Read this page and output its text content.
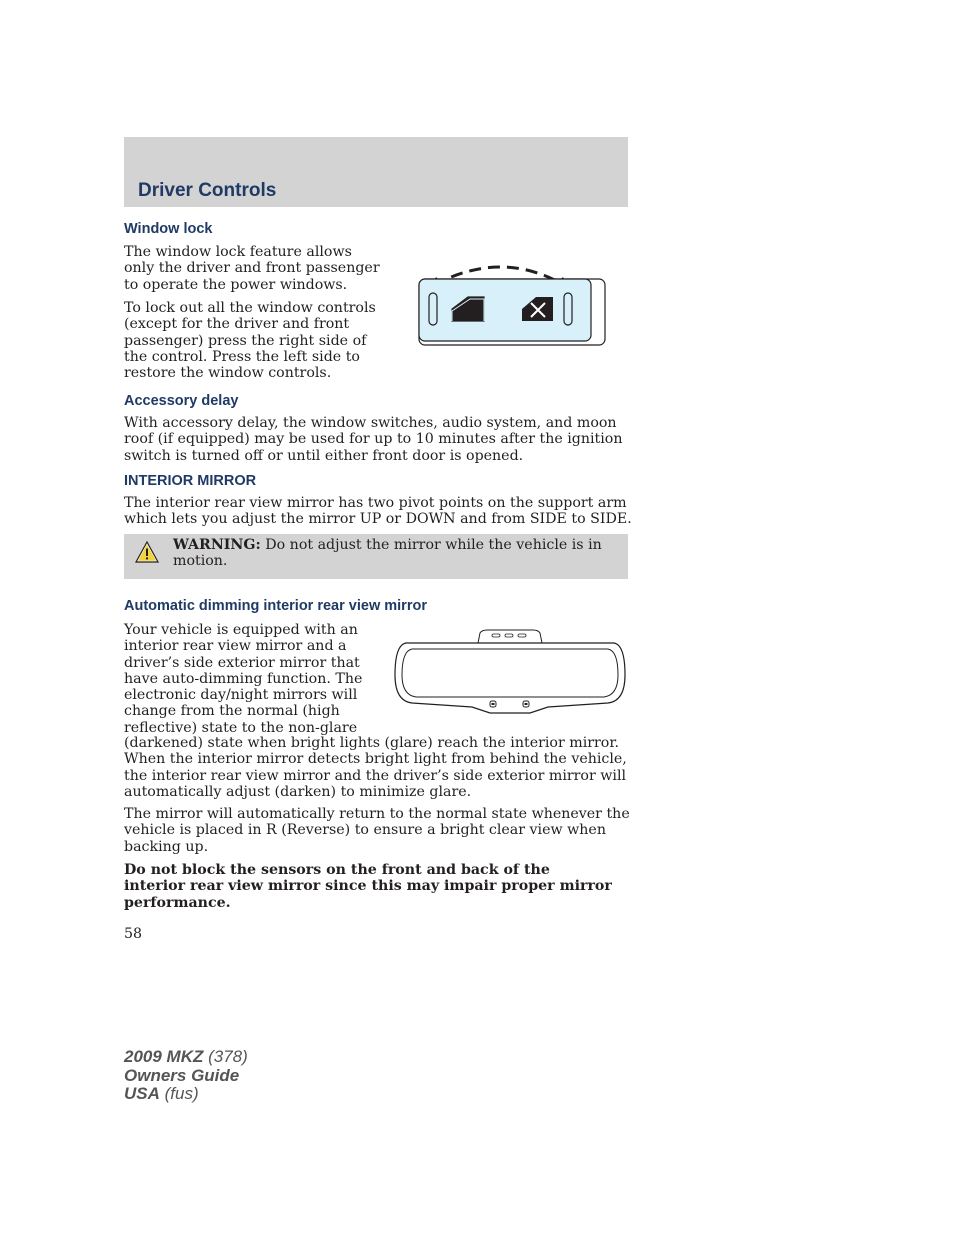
Driver Controls
Window lock

The window lock feature allows only the driver and front passenger to operate the power windows.

To lock out all the window controls (except for the driver and front passenger) press the right side of the control. Press the left side to restore the window controls.

Accessory delay

With accessory delay, the window switches, audio system, and moon roof (if equipped) may be used for up to 10 minutes after the ignition switch is turned off or until either front door is opened.

INTERIOR MIRROR

The interior rear view mirror has two pivot points on the support arm which lets you adjust the mirror UP or DOWN and from SIDE to SIDE.

WARNING: Do not adjust the mirror while the vehicle is in motion.

Automatic dimming interior rear view mirror
Your vehicle is equipped with an
interior rear view mirror and a
driver’s side exterior mirror that
have auto-dimming function. The
electronic day/night mirrors will
change from the normal (high
reflective) state to the non-glare

(darkened) state when bright lights (glare) reach the interior mirror. When the interior mirror detects bright light from behind the vehicle, the interior rear view mirror and the driver’s side exterior mirror will automatically adjust (darken) to minimize glare.

The mirror will automatically return to the normal state whenever the vehicle is placed in R (Reverse) to ensure a bright clear view when backing up.

Do not block the sensors on the front and back of the interior rear view mirror since this may impair proper mirror performance.

58
2009 MKZ (378)
Owners Guide
USA (fus)
